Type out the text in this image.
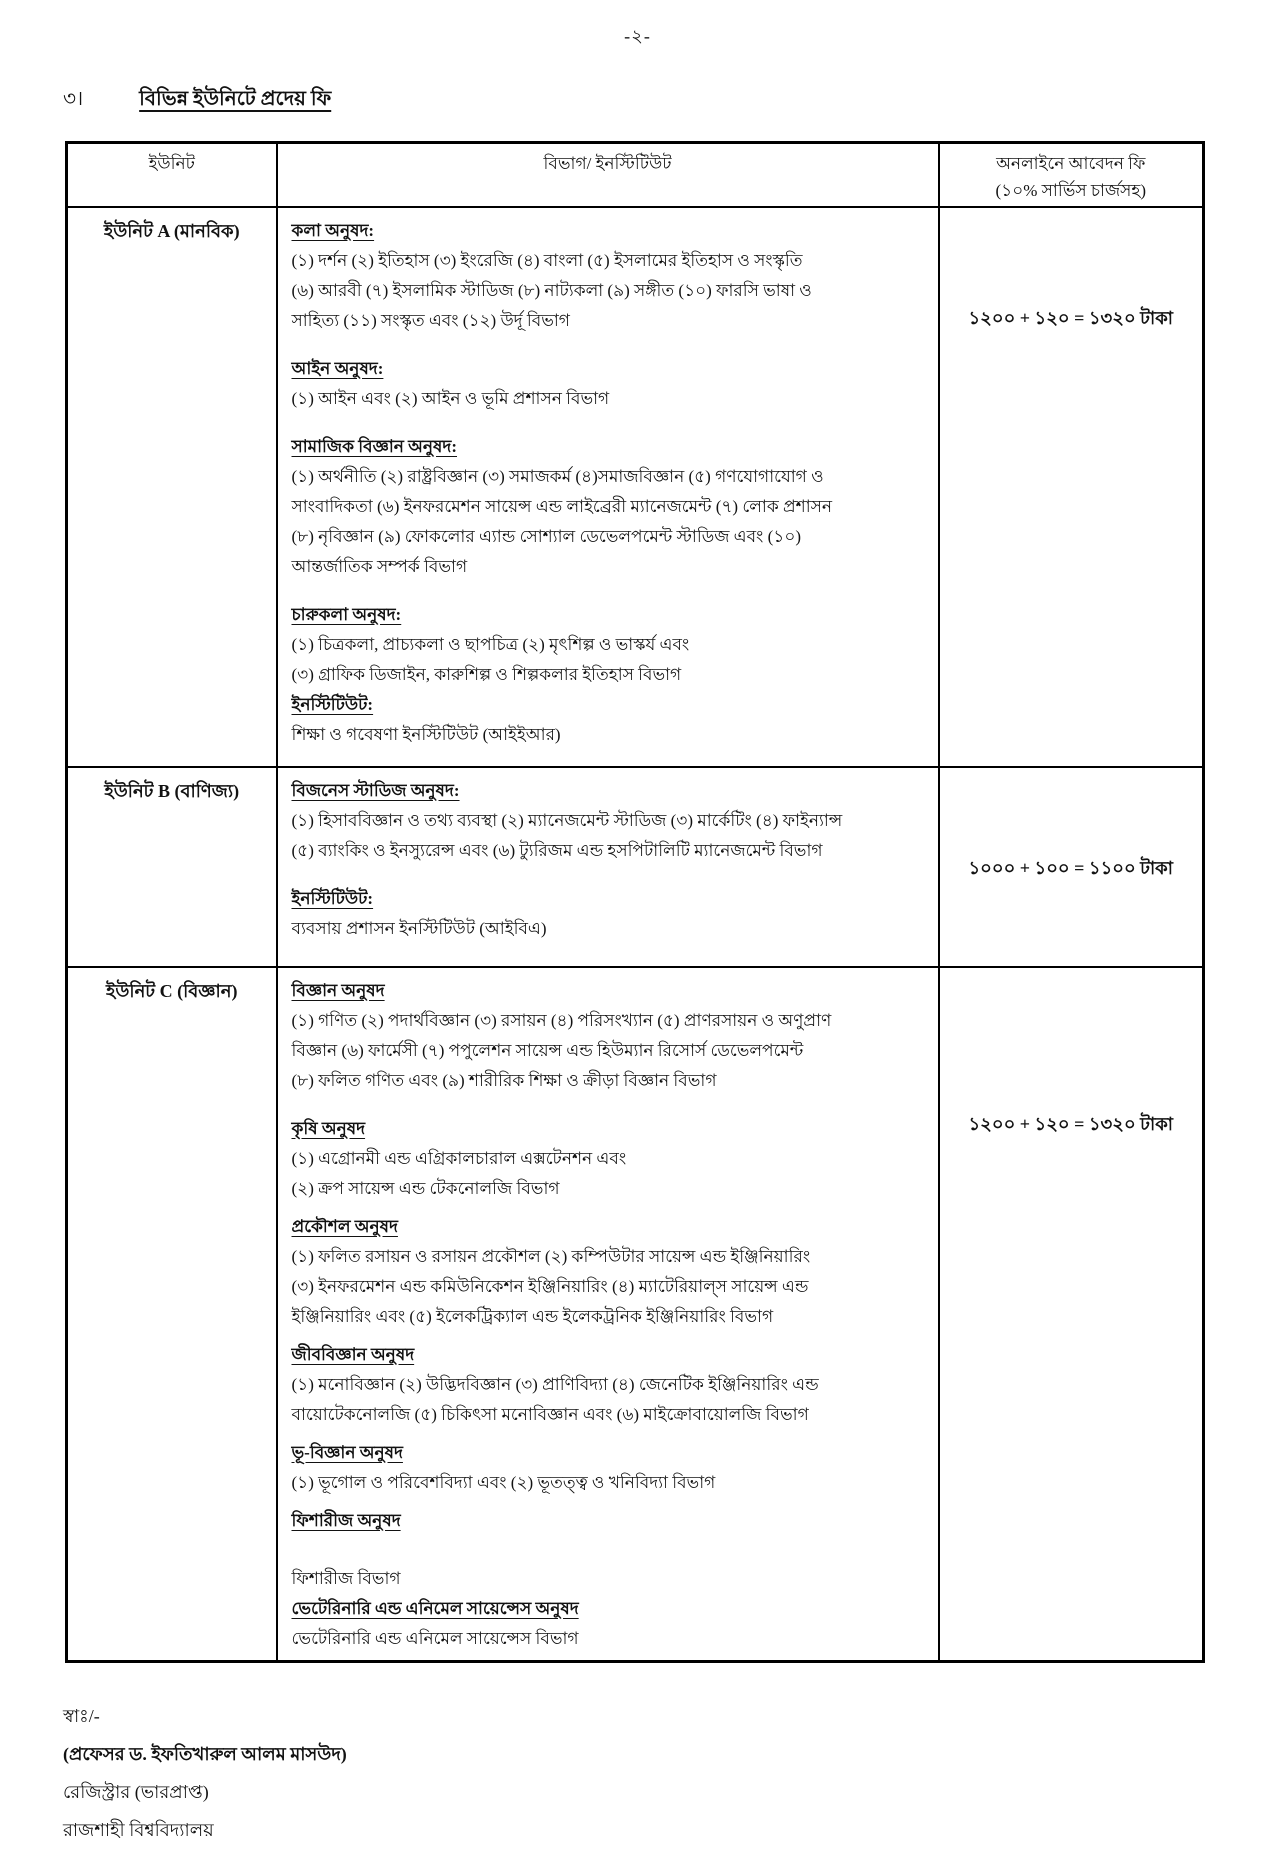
-২-
৩।	বিভিন্ন ইউনিটে প্রদেয় ফি
ইউনিট	বিভাগ/ ইনস্টিটিউট	অনলাইনে আবেদন ফি
(১০% সার্ভিস চার্জসহ)

ইউনিট A (মানবিক)	কলা অনুষদ:
(১) দর্শন (২) ইতিহাস (৩) ইংরেজি (৪) বাংলা (৫) ইসলামের ইতিহাস ও সংস্কৃতি
(৬) আরবী (৭) ইসলামিক স্টাডিজ (৮) নাট্যকলা (৯) সঙ্গীত (১০) ফারসি ভাষা ও
সাহিত্য (১১) সংস্কৃত এবং (১২) উর্দূ বিভাগ
আইন অনুষদ:
(১) আইন এবং (২) আইন ও ভূমি প্রশাসন বিভাগ
সামাজিক বিজ্ঞান অনুষদ:
(১) অর্থনীতি (২) রাষ্ট্রবিজ্ঞান (৩) সমাজকর্ম (৪)সমাজবিজ্ঞান (৫) গণযোগাযোগ ও
সাংবাদিকতা (৬) ইনফরমেশন সায়েন্স এন্ড লাইব্রেরী ম্যানেজমেন্ট (৭) লোক প্রশাসন
(৮) নৃবিজ্ঞান (৯) ফোকলোর এ্যান্ড সোশ্যাল ডেভেলপমেন্ট স্টাডিজ এবং (১০)
আন্তর্জাতিক সম্পর্ক বিভাগ
চারুকলা অনুষদ:
(১) চিত্রকলা, প্রাচ্যকলা ও ছাপচিত্র (২) মৃৎশিল্প ও ভাস্কর্য এবং
(৩) গ্রাফিক ডিজাইন, কারুশিল্প ও শিল্পকলার ইতিহাস বিভাগ
ইনস্টিটিউট:
শিক্ষা ও গবেষণা ইনস্টিটিউট (আইইআর)
	১২০০ + ১২০ = ১৩২০ টাকা
ইউনিট B (বাণিজ্য)	বিজনেস স্টাডিজ অনুষদ:
(১) হিসাববিজ্ঞান ও তথ্য ব্যবস্থা (২) ম্যানেজমেন্ট স্টাডিজ (৩) মার্কেটিং (৪) ফাইন্যান্স
(৫) ব্যাংকিং ও ইনস্যুরেন্স এবং (৬) ট্যুরিজম এন্ড হসপিটালিটি ম্যানেজমেন্ট বিভাগ
ইনস্টিটিউট:
ব্যবসায় প্রশাসন ইনস্টিটিউট (আইবিএ)	১০০০ + ১০০ = ১১০০ টাকা
ইউনিট C (বিজ্ঞান)	বিজ্ঞান অনুষদ
(১) গণিত (২) পদার্থবিজ্ঞান (৩) রসায়ন (৪) পরিসংখ্যান (৫) প্রাণরসায়ন ও অণুপ্রাণ
বিজ্ঞান (৬) ফার্মেসী (৭) পপুলেশন সায়েন্স এন্ড হিউম্যান রিসোর্স ডেভেলপমেন্ট
(৮) ফলিত গণিত এবং (৯) শারীরিক শিক্ষা ও ক্রীড়া বিজ্ঞান বিভাগ
কৃষি অনুষদ
(১) এগ্রোনমী এন্ড এগ্রিকালচারাল এক্সটেনশন এবং
(২) ক্রপ সায়েন্স এন্ড টেকনোলজি বিভাগ
প্রকৌশল অনুষদ
(১) ফলিত রসায়ন ও রসায়ন প্রকৌশল (২) কম্পিউটার সায়েন্স এন্ড ইঞ্জিনিয়ারিং
(৩) ইনফরমেশন এন্ড কমিউনিকেশন ইঞ্জিনিয়ারিং (৪) ম্যাটেরিয়াল্স সায়েন্স এন্ড
ইঞ্জিনিয়ারিং এবং (৫) ইলেকট্রিক্যাল এন্ড ইলেকট্রনিক ইঞ্জিনিয়ারিং বিভাগ
জীববিজ্ঞান অনুষদ
(১) মনোবিজ্ঞান (২) উদ্ভিদবিজ্ঞান (৩) প্রাণিবিদ্যা (৪) জেনেটিক ইঞ্জিনিয়ারিং এন্ড
বায়োটেকনোলজি (৫) চিকিৎসা মনোবিজ্ঞান এবং (৬) মাইক্রোবায়োলজি বিভাগ
ভূ-বিজ্ঞান অনুষদ
(১) ভূগোল ও পরিবেশবিদ্যা এবং (২) ভূতত্ত্ব ও খনিবিদ্যা বিভাগ
ফিশারীজ অনুষদ
ফিশারীজ বিভাগ
ভেটেরিনারি এন্ড এনিমেল সায়েন্সেস অনুষদ
ভেটেরিনারি এন্ড এনিমেল সায়েন্সেস বিভাগ
	১২০০ + ১২০ = ১৩২০ টাকা
স্বাঃ/-
(প্রফেসর ড. ইফতিখারুল আলম মাসউদ)
রেজিস্ট্রার (ভারপ্রাপ্ত)
রাজশাহী বিশ্ববিদ্যালয়
